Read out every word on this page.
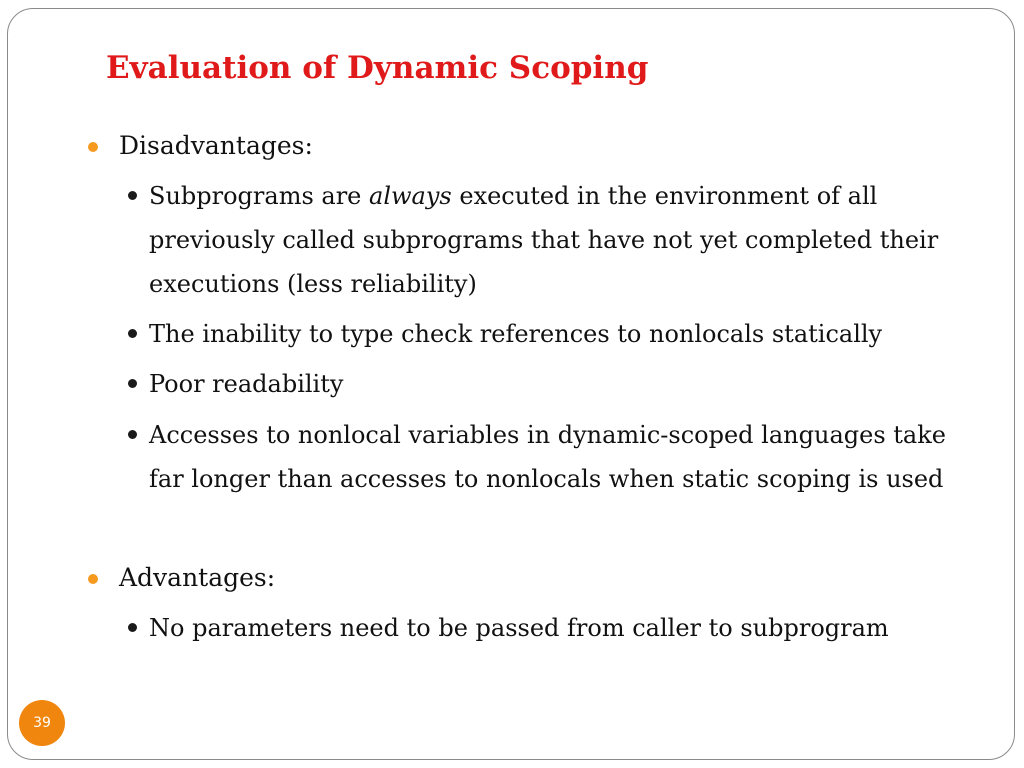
Evaluation of Dynamic Scoping
Disadvantages:
Subprograms are always executed in the environment of all previously called subprograms that have not yet completed their executions (less reliability)
The inability to type check references to nonlocals statically
Poor readability
Accesses to nonlocal variables in dynamic-scoped languages take far longer than accesses to nonlocals when static scoping is used
Advantages:
No parameters need to be passed from caller to subprogram
39
